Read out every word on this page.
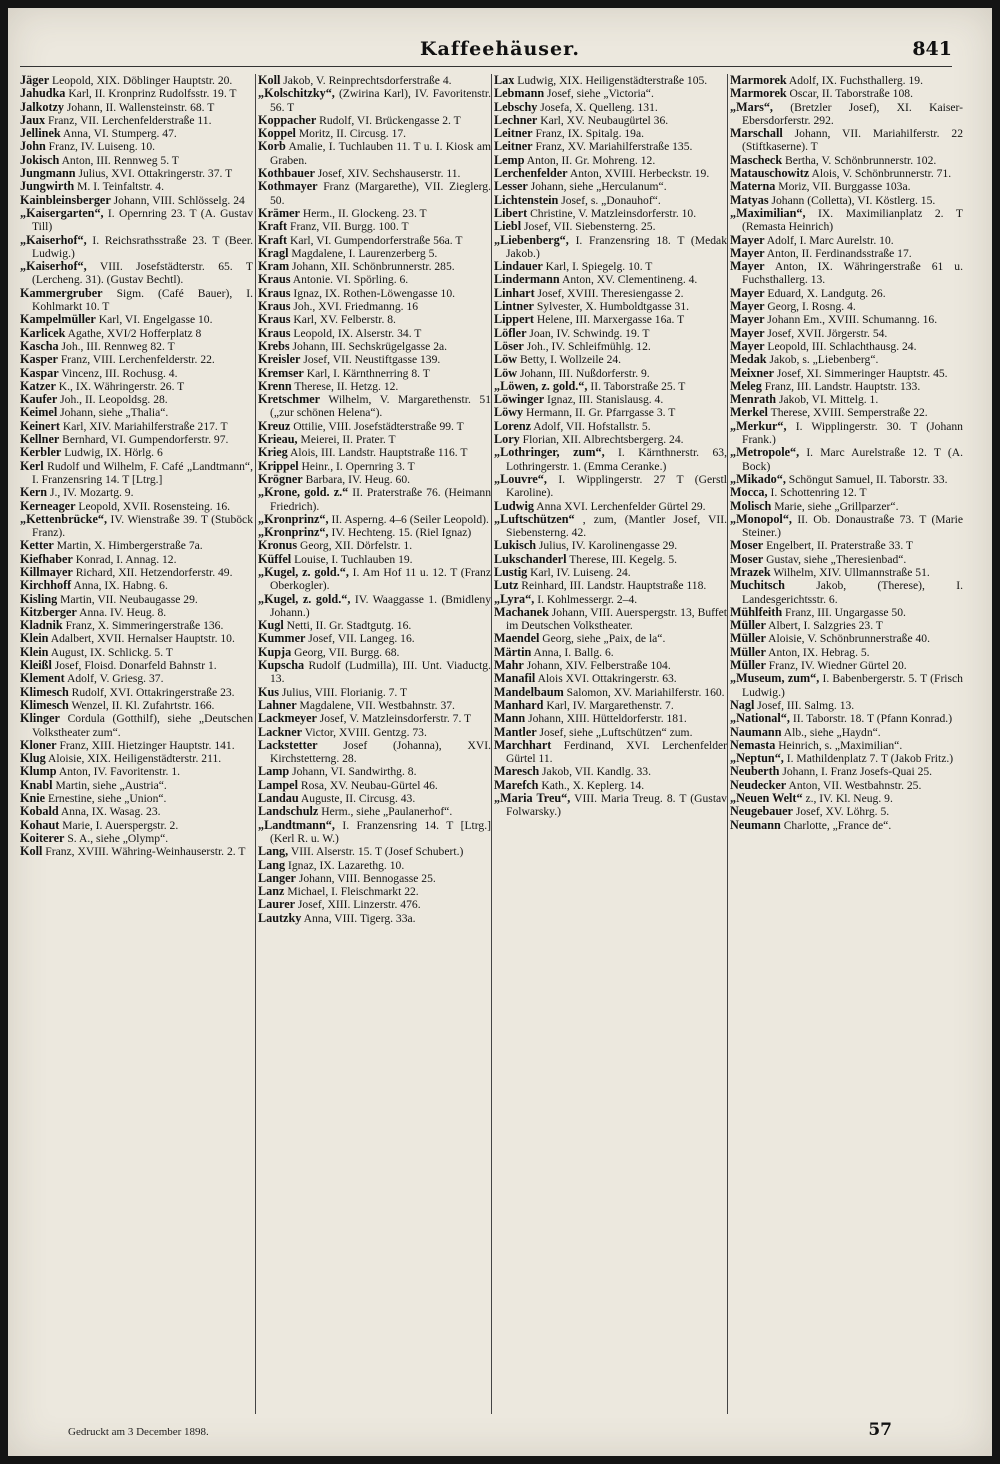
Kaffeehäuser.	841

Jäger Leopold, XIX. Döblinger Hauptstr. 20.

Jahudka Karl, II. Kronprinz Rudolfsstr. 19. T

Jalkotzy Johann, II. Wallensteinstr. 68. T

Jaux Franz, VII. Lerchenfelderstraße 11.

Jellinek Anna, VI. Stumperg. 47.

John Franz, IV. Luiseng. 10.

Jokisch Anton, III. Rennweg 5. T

Jungmann Julius, XVI. Ottakringerstr. 37. T

Jungwirth M. I. Teinfaltstr. 4.

Kainbleinsberger Johann, VIII. Schlösselg. 24

„Kaisergarten“, I. Opernring 23. T (A. Gustav Till)

„Kaiserhof“, I. Reichsrathsstraße 23. T (Beer. Ludwig.)

„Kaiserhof“, VIII. Josefstädterstr. 65. T (Lercheng. 31). (Gustav Bechtl).

Kammergruber Sigm. (Café Bauer), I. Kohlmarkt 10. T

Kampelmüller Karl, VI. Engelgasse 10.

Karlicek Agathe, XVI/2 Hofferplatz 8

Kascha Joh., III. Rennweg 82. T

Kasper Franz, VIII. Lerchenfelderstr. 22.

Kaspar Vincenz, III. Rochusg. 4.

Katzer K., IX. Währingerstr. 26. T

Kaufer Joh., II. Leopoldsg. 28.

Keimel Johann, siehe „Thalia“.

Keinert Karl, XIV. Mariahilferstraße 217. T

Kellner Bernhard, VI. Gumpendorferstr. 97.

Kerbler Ludwig, IX. Hörlg. 6

Kerl Rudolf und Wilhelm, F. Café „Landtmann“, I. Franzensring 14. T [Ltrg.]

Kern J., IV. Mozartg. 9.

Kerneager Leopold, XVII. Rosensteing. 16.

„Kettenbrücke“, IV. Wienstraße 39. T (Stuböck Franz).

Ketter Martin, X. Himbergerstraße 7a.

Kiefhaber Konrad, I. Annag. 12.

Killmayer Richard, XII. Hetzendorferstr. 49.

Kirchhoff Anna, IX. Habng. 6.

Kisling Martin, VII. Neubaugasse 29.

Kitzberger Anna. IV. Heug. 8.

Kladnik Franz, X. Simmeringerstraße 136.

Klein Adalbert, XVII. Hernalser Hauptstr. 10.

Klein August, IX. Schlickg. 5. T

Kleißl Josef, Floisd. Donarfeld Bahnstr 1.

Klement Adolf, V. Griesg. 37.

Klimesch Rudolf, XVI. Ottakringerstraße 23.

Klimesch Wenzel, II. Kl. Zufahrtstr. 166.

Klinger Cordula (Gotthilf), siehe „Deutschen Volkstheater zum“.

Kloner Franz, XIII. Hietzinger Hauptstr. 141.

Klug Aloisie, XIX. Heiligenstädterstr. 211.

Klump Anton, IV. Favoritenstr. 1.

Knabl Martin, siehe „Austria“.

Knie Ernestine, siehe „Union“.

Kobald Anna, IX. Wasag. 23.

Kohaut Marie, I. Auerspergstr. 2.

Koiterer S. A., siehe „Olymp“.

Koll Franz, XVIII. Währing-Weinhauserstr. 2. T

Koll Jakob, V. Reinprechtsdorferstraße 4.

„Kolschitzky“, (Zwirina Karl), IV. Favoritenstr. 56. T

Koppacher Rudolf, VI. Brückengasse 2. T

Koppel Moritz, II. Circusg. 17.

Korb Amalie, I. Tuchlauben 11. T u. I. Kiosk am Graben.

Kothbauer Josef, XIV. Sechshauserstr. 11.

Kothmayer Franz (Margarethe), VII. Zieglerg. 50.

Krämer Herm., II. Glockeng. 23. T

Kraft Franz, VII. Burgg. 100. T

Kraft Karl, VI. Gumpendorferstraße 56a. T

Kragl Magdalene, I. Laurenzerberg 5.

Kram Johann, XII. Schönbrunnerstr. 285.

Kraus Antonie. VI. Spörling. 6.

Kraus Ignaz, IX. Rothen-Löwengasse 10.

Kraus Joh., XVI. Friedmanng. 16

Kraus Karl, XV. Felberstr. 8.

Kraus Leopold, IX. Alserstr. 34. T

Krebs Johann, III. Sechskrügelgasse 2a.

Kreisler Josef, VII. Neustiftgasse 139.

Kremser Karl, I. Kärnthnerring 8. T

Krenn Therese, II. Hetzg. 12.

Kretschmer Wilhelm, V. Margarethenstr. 51 („zur schönen Helena“).

Kreuz Ottilie, VIII. Josefstädterstraße 99. T

Krieau, Meierei, II. Prater. T

Krieg Alois, III. Landstr. Hauptstraße 116. T

Krippel Heinr., I. Opernring 3. T

Krögner Barbara, IV. Heug. 60.

„Krone, gold. z.“ II. Praterstraße 76. (Heimann Friedrich).

„Kronprinz“, II. Asperng. 4–6 (Seiler Leopold).

„Kronprinz“, IV. Hechteng. 15. (Riel Ignaz)

Kronus Georg, XII. Dörfelstr. 1.

Küffel Louise, I. Tuchlauben 19.

„Kugel, z. gold.“, I. Am Hof 11 u. 12. T (Franz Oberkogler).

„Kugel, z. gold.“, IV. Waaggasse 1. (Bmidleny Johann.)

Kugl Netti, II. Gr. Stadtgutg. 16.

Kummer Josef, VII. Langeg. 16.

Kupja Georg, VII. Burgg. 68.

Kupscha Rudolf (Ludmilla), III. Unt. Viaductg. 13.

Kus Julius, VIII. Florianig. 7. T

Lahner Magdalene, VII. Westbahnstr. 37.

Lackmeyer Josef, V. Matzleinsdorferstr. 7. T

Lackner Victor, XVIII. Gentzg. 73.

Lackstetter Josef (Johanna), XVI. Kirchstetterng. 28.

Lamp Johann, VI. Sandwirthg. 8.

Lampel Rosa, XV. Neubau-Gürtel 46.

Landau Auguste, II. Circusg. 43.

Landschulz Herm., siehe „Paulanerhof“.

„Landtmann“, I. Franzensring 14. T [Ltrg.] (Kerl R. u. W.)

Lang, VIII. Alserstr. 15. T (Josef Schubert.)

Lang Ignaz, IX. Lazarethg. 10.

Langer Johann, VIII. Bennogasse 25.

Lanz Michael, I. Fleischmarkt 22.

Laurer Josef, XIII. Linzerstr. 476.

Lautzky Anna, VIII. Tigerg. 33a.

Lax Ludwig, XIX. Heiligenstädterstraße 105.

Lebmann Josef, siehe „Victoria“.

Lebschy Josefa, X. Quelleng. 131.

Lechner Karl, XV. Neubaugürtel 36.

Leitner Franz, IX. Spitalg. 19a.

Leitner Franz, XV. Mariahilferstraße 135.

Lemp Anton, II. Gr. Mohreng. 12.

Lerchenfelder Anton, XVIII. Herbeckstr. 19.

Lesser Johann, siehe „Herculanum“.

Lichtenstein Josef, s. „Donauhof“.

Libert Christine, V. Matzleinsdorferstr. 10.

Liebl Josef, VII. Siebensterng. 25.

„Liebenberg“, I. Franzensring 18. T (Medak Jakob.)

Lindauer Karl, I. Spiegelg. 10. T

Lindermann Anton, XV. Clementineng. 4.

Linhart Josef, XVIII. Theresiengasse 2.

Lintner Sylvester, X. Humboldtgasse 31.

Lippert Helene, III. Marxergasse 16a. T

Löfler Joan, IV. Schwindg. 19. T

Löser Joh., IV. Schleifmühlg. 12.

Löw Betty, I. Wollzeile 24.

Löw Johann, III. Nußdorferstr. 9.

„Löwen, z. gold.“, II. Taborstraße 25. T

Löwinger Ignaz, III. Stanislausg. 4.

Löwy Hermann, II. Gr. Pfarrgasse 3. T

Lorenz Adolf, VII. Hofstallstr. 5.

Lory Florian, XII. Albrechtsbergerg. 24.

„Lothringer, zum“, I. Kärnthnerstr. 63, Lothringerstr. 1. (Emma Ceranke.)

„Louvre“, I. Wipplingerstr. 27 T (Gerstl Karoline).

Ludwig Anna XVI. Lerchenfelder Gürtel 29.

„Luftschützen“ , zum, (Mantler Josef, VII. Siebensterng. 42.

Lukisch Julius, IV. Karolinengasse 29.

Lukschanderl Therese, III. Kegelg. 5.

Lustig Karl, IV. Luiseng. 24.

Lutz Reinhard, III. Landstr. Hauptstraße 118.

„Lyra“, I. Kohlmessergr. 2–4.

Machanek Johann, VIII. Auerspergstr. 13, Buffet im Deutschen Volkstheater.

Maendel Georg, siehe „Paix, de la“.

Märtin Anna, I. Ballg. 6.

Mahr Johann, XIV. Felberstraße 104.

Manafil Alois XVI. Ottakringerstr. 63.

Mandelbaum Salomon, XV. Mariahilferstr. 160.

Manhard Karl, IV. Margarethenstr. 7.

Mann Johann, XIII. Hütteldorferstr. 181.

Mantler Josef, siehe „Luftschützen“ zum.

Marchhart Ferdinand, XVI. Lerchenfelder Gürtel 11.

Maresch Jakob, VII. Kandlg. 33.

Marefch Kath., X. Keplerg. 14.

„Maria Treu“, VIII. Maria Treug. 8. T (Gustav Folwarsky.)

Marmorek Adolf, IX. Fuchsthallerg. 19.

Marmorek Oscar, II. Taborstraße 108.

„Mars“, (Bretzler Josef), XI. Kaiser-Ebersdorferstr. 292.

Marschall Johann, VII. Mariahilferstr. 22 (Stiftkaserne). T

Mascheck Bertha, V. Schönbrunnerstr. 102.

Matauschowitz Alois, V. Schönbrunnerstr. 71.

Materna Moriz, VII. Burggasse 103a.

Matyas Johann (Colletta), VI. Köstlerg. 15.

„Maximilian“, IX. Maximilianplatz 2. T (Remasta Heinrich)

Mayer Adolf, I. Marc Aurelstr. 10.

Mayer Anton, II. Ferdinandsstraße 17.

Mayer Anton, IX. Währingerstraße 61 u. Fuchsthallerg. 13.

Mayer Eduard, X. Landgutg. 26.

Mayer Georg, I. Rosng. 4.

Mayer Johann Em., XVIII. Schumanng. 16.

Mayer Josef, XVII. Jörgerstr. 54.

Mayer Leopold, III. Schlachthausg. 24.

Medak Jakob, s. „Liebenberg“.

Meixner Josef, XI. Simmeringer Hauptstr. 45.

Meleg Franz, III. Landstr. Hauptstr. 133.

Menrath Jakob, VI. Mittelg. 1.

Merkel Therese, XVIII. Semperstraße 22.

„Merkur“, I. Wipplingerstr. 30. T (Johann Frank.)

„Metropole“, I. Marc Aurelstraße 12. T (A. Bock)

„Mikado“, Schöngut Samuel, II. Taborstr. 33.

Mocca, I. Schottenring 12. T

Molisch Marie, siehe „Grillparzer“.

„Monopol“, II. Ob. Donaustraße 73. T (Marie Steiner.)

Moser Engelbert, II. Praterstraße 33. T

Moser Gustav, siehe „Theresienbad“.

Mrazek Wilhelm, XIV. Ullmannstraße 51.

Muchitsch	Jakob, (Therese), I. Landesgerichtsstr. 6.

Mühlfeith Franz, III. Ungargasse 50.

Müller Albert, I. Salzgries 23. T

Müller Aloisie, V. Schönbrunnerstraße 40.

Müller Anton, IX. Hebrag. 5.

Müller Franz, IV. Wiedner Gürtel 20.

„Museum, zum“, I. Babenbergerstr. 5. T (Frisch Ludwig.)

Nagl Josef, III. Salmg. 13.

„National“, II. Taborstr. 18. T (Pfann Konrad.)

Naumann Alb., siehe „Haydn“.

Nemasta Heinrich, s. „Maximilian“.

„Neptun“, I. Mathildenplatz 7. T (Jakob Fritz.)

Neuberth Johann, I. Franz Josefs-Quai 25.

Neudecker Anton, VII. Westbahnstr. 25.

„Neuen Welt“ z., IV. Kl. Neug. 9.

Neugebauer Josef, XV. Löhrg. 5.

Neumann Charlotte, „France de“.

Gedruckt am 3 December 1898.	57
